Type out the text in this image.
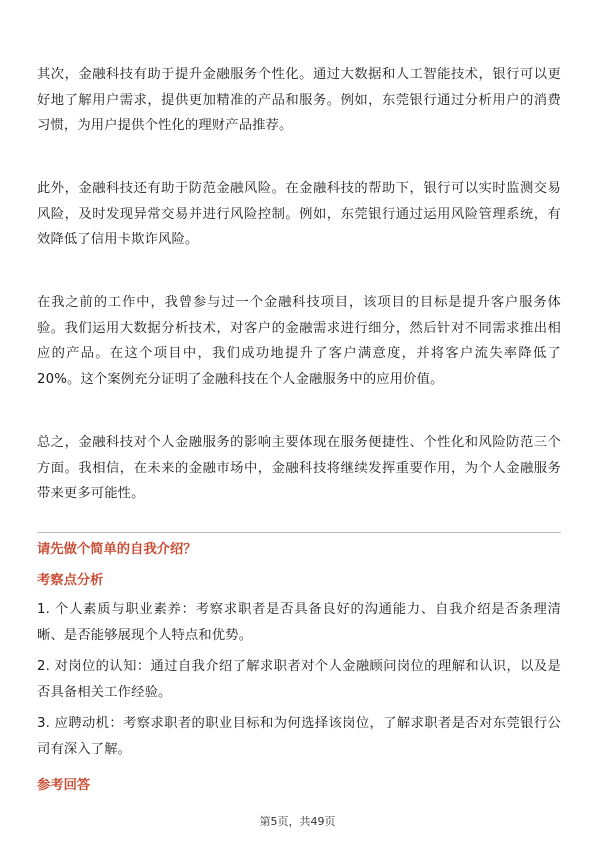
其次，金融科技有助于提升金融服务个性化。通过大数据和人工智能技术，银行可以更好地了解用户需求，提供更加精准的产品和服务。例如，东莞银行通过分析用户的消费习惯，为用户提供个性化的理财产品推荐。

此外，金融科技还有助于防范金融风险。在金融科技的帮助下，银行可以实时监测交易风险，及时发现异常交易并进行风险控制。例如，东莞银行通过运用风险管理系统，有效降低了信用卡欺诈风险。

在我之前的工作中，我曾参与过一个金融科技项目，该项目的目标是提升客户服务体验。我们运用大数据分析技术，对客户的金融需求进行细分，然后针对不同需求推出相应的产品。在这个项目中，我们成功地提升了客户满意度，并将客户流失率降低了20%。这个案例充分证明了金融科技在个人金融服务中的应用价值。

总之，金融科技对个人金融服务的影响主要体现在服务便捷性、个性化和风险防范三个方面。我相信，在未来的金融市场中，金融科技将继续发挥重要作用，为个人金融服务带来更多可能性。

请先做个简单的自我介绍？

考察点分析

1. 个人素质与职业素养：考察求职者是否具备良好的沟通能力、自我介绍是否条理清晰、是否能够展现个人特点和优势。

2. 对岗位的认知：通过自我介绍了解求职者对个人金融顾问岗位的理解和认识，以及是否具备相关工作经验。

3. 应聘动机：考察求职者的职业目标和为何选择该岗位，了解求职者是否对东莞银行公司有深入了解。

参考回答

第5页，共49页
